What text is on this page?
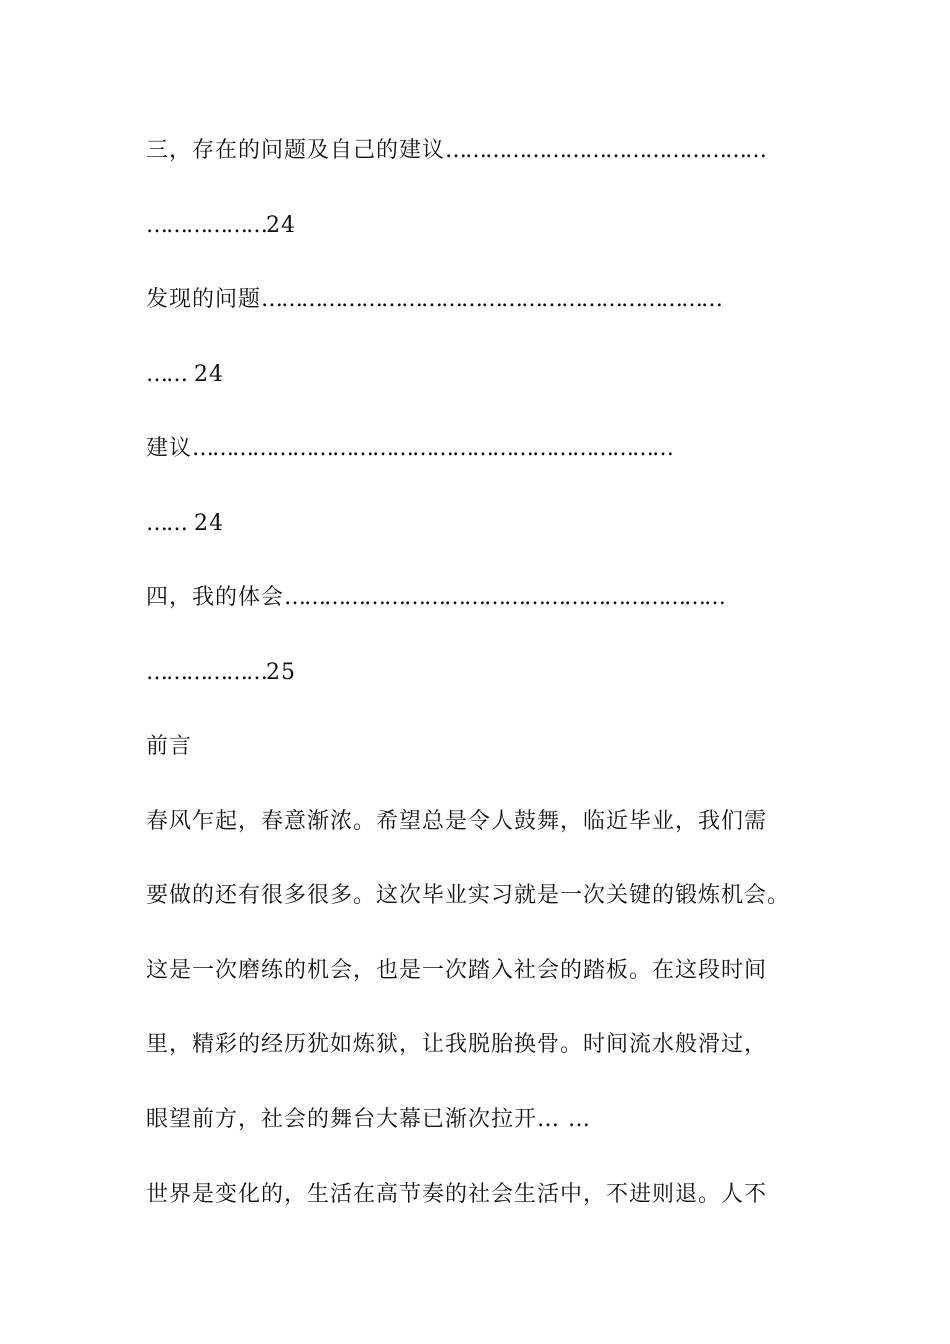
三，存在的问题及自己的建议…………………………………………
………………24
发现的问题……………………………………………………………
…… 24
建议………………………………………………………………
…… 24
四，我的体会…………………………………………………………
………………25
前言
春风乍起，春意渐浓。希望总是令人鼓舞，临近毕业，我们需
要做的还有很多很多。这次毕业实习就是一次关键的锻炼机会。
这是一次磨练的机会，也是一次踏入社会的踏板。在这段时间
里，精彩的经历犹如炼狱，让我脱胎换骨。时间流水般滑过，
眼望前方，社会的舞台大幕已渐次拉开… …
世界是变化的，生活在高节奏的社会生活中，不进则退。人不
